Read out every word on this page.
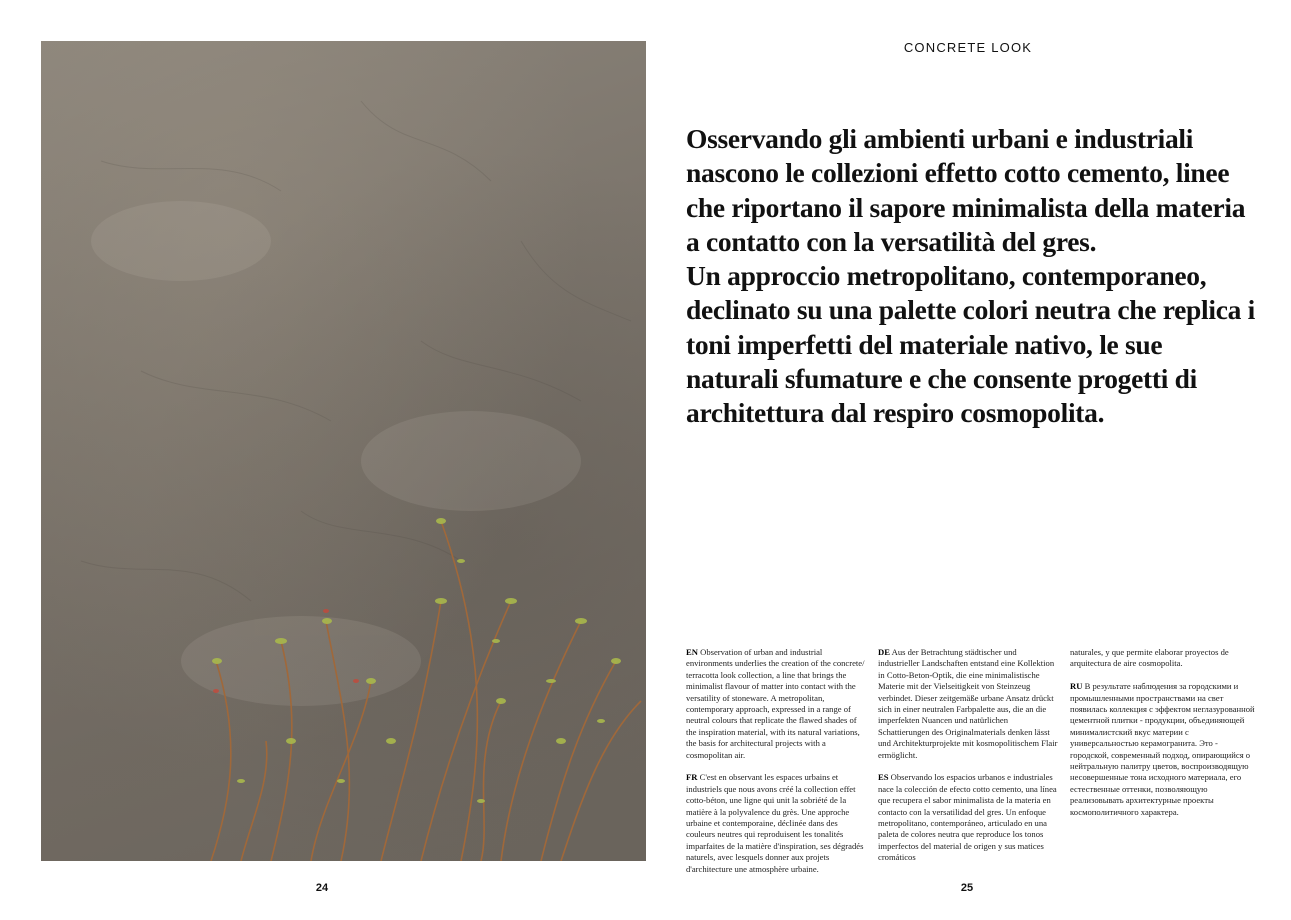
CONCRETE LOOK

Osservando gli ambienti urbani e industriali nascono le collezioni effetto cotto cemento, linee che riportano il sapore minimalista della materia a contatto con la versatilità del gres.

Un approccio metropolitano, contemporaneo, declinato su una palette colori neutra che replica i toni imperfetti del materiale nativo, le sue naturali sfumature e che consente progetti di architettura dal respiro cosmopolita.

EN Observation of urban and industrial environments underlies the creation of the concrete/ terracotta look collection, a line that brings the minimalist flavour of matter into contact with the versatility of stoneware. A metropolitan, contemporary approach, expressed in a range of neutral colours that replicate the flawed shades of the inspiration material, with its natural variations, the basis for architectural projects with a cosmopolitan air.

FR C'est en observant les espaces urbains et industriels que nous avons créé la collection effet cotto-béton, une ligne qui unit la sobriété de la matière à la polyvalence du grès. Une approche urbaine et contemporaine, déclinée dans des couleurs neutres qui reproduisent les tonalités imparfaites de la matière d'inspiration, ses dégradés naturels, avec lesquels donner aux projets d'architecture une atmosphère urbaine.

DE Aus der Betrachtung städtischer und industrieller Landschaften entstand eine Kollektion in Cotto-Beton-Optik, die eine minimalistische Materie mit der Vielseitigkeit von Steinzeug verbindet. Dieser zeitgemäße urbane Ansatz drückt sich in einer neutralen Farbpalette aus, die an die imperfekten Nuancen und natürlichen Schattierungen des Originalmaterials denken lässt und Architekturprojekte mit kosmopolitischem Flair ermöglicht.

ES Observando los espacios urbanos e industriales nace la colección de efecto cotto cemento, una línea que recupera el sabor minimalista de la materia en contacto con la versatilidad del gres. Un enfoque metropolitano, contemporáneo, articulado en una paleta de colores neutra que reproduce los tonos imperfectos del material de origen y sus matices cromáticos

naturales, y que permite elaborar proyectos de arquitectura de aire cosmopolita.

RU В результате наблюдения за городскими и промышленными пространствами на свет появилась коллекция с эффектом неглазурованной цементной плитки - продукции, объединяющей минималистский вкус материи с универсальностью керамогранита. Это - городской, современный подход, опирающийся о нейтральную палитру цветов, воспроизводящую несовершенные тона исходного материала, его естественные оттенки, позволяющую реализовывать архитектурные проекты космополитичного характера.

24	25
